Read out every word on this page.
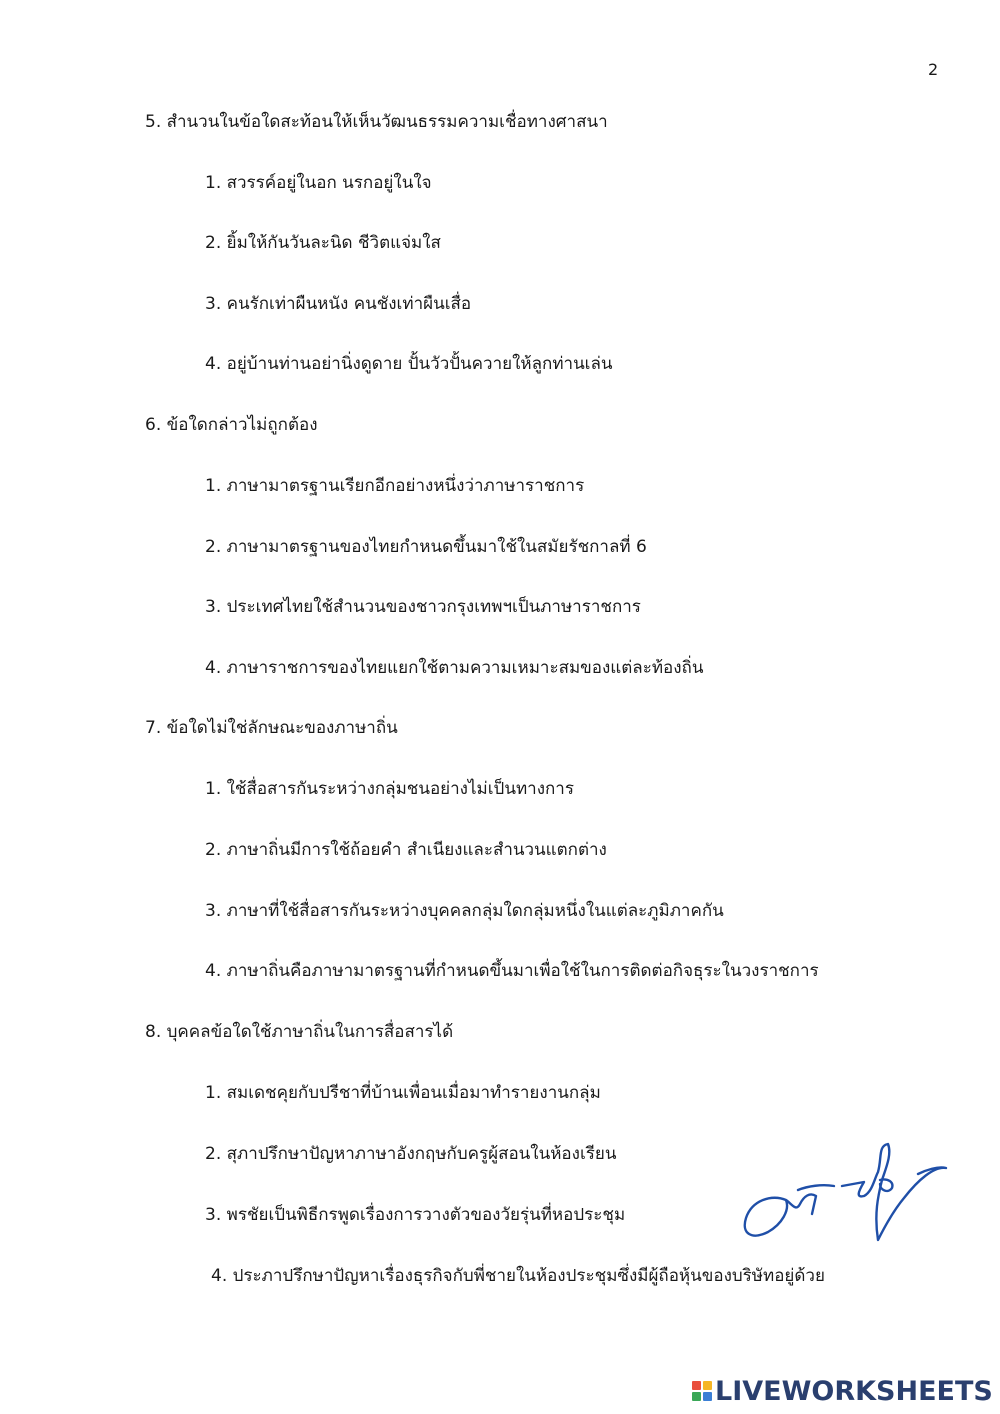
2
5. สำนวนในข้อใดสะท้อนให้เห็นวัฒนธรรมความเชื่อทางศาสนา
1. สวรรค์อยู่ในอก นรกอยู่ในใจ
2. ยิ้มให้กันวันละนิด ชีวิตแจ่มใส
3. คนรักเท่าผืนหนัง คนชังเท่าผืนเสื่อ
4. อยู่บ้านท่านอย่านิ่งดูดาย ปั้นวัวปั้นควายให้ลูกท่านเล่น
6. ข้อใดกล่าวไม่ถูกต้อง
1. ภาษามาตรฐานเรียกอีกอย่างหนึ่งว่าภาษาราชการ
2. ภาษามาตรฐานของไทยกำหนดขึ้นมาใช้ในสมัยรัชกาลที่ 6
3. ประเทศไทยใช้สำนวนของชาวกรุงเทพฯเป็นภาษาราชการ
4. ภาษาราชการของไทยแยกใช้ตามความเหมาะสมของแต่ละท้องถิ่น
7. ข้อใดไม่ใช่ลักษณะของภาษาถิ่น
1. ใช้สื่อสารกันระหว่างกลุ่มชนอย่างไม่เป็นทางการ
2. ภาษาถิ่นมีการใช้ถ้อยคำ สำเนียงและสำนวนแตกต่าง
3. ภาษาที่ใช้สื่อสารกันระหว่างบุคคลกลุ่มใดกลุ่มหนึ่งในแต่ละภูมิภาคกัน
4. ภาษาถิ่นคือภาษามาตรฐานที่กำหนดขึ้นมาเพื่อใช้ในการติดต่อกิจธุระในวงราชการ
8. บุคคลข้อใดใช้ภาษาถิ่นในการสื่อสารได้
1. สมเดชคุยกับปรีชาที่บ้านเพื่อนเมื่อมาทำรายงานกลุ่ม
2. สุภาปรึกษาปัญหาภาษาอังกฤษกับครูผู้สอนในห้องเรียน
3. พรชัยเป็นพิธีกรพูดเรื่องการวางตัวของวัยรุ่นที่หอประชุม
4. ประภาปรึกษาปัญหาเรื่องธุรกิจกับพี่ชายในห้องประชุมซึ่งมีผู้ถือหุ้นของบริษัทอยู่ด้วย
LIVEWORKSHEETS
